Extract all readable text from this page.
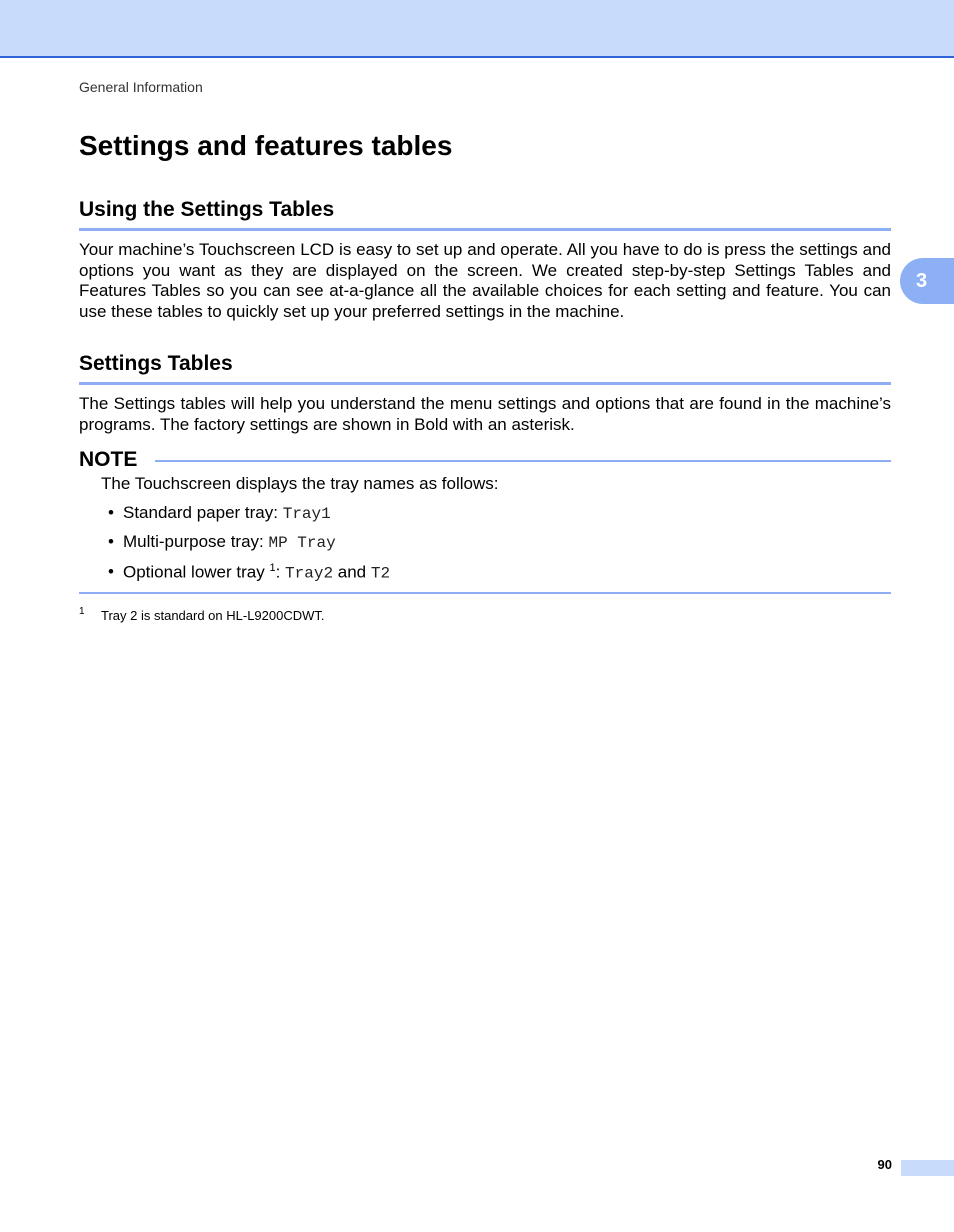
General Information
Settings and features tables
3
Using the Settings Tables

Your machine’s Touchscreen LCD is easy to set up and operate. All you have to do is press the settings and options you want as they are displayed on the screen. We created step-by-step Settings Tables and Features Tables so you can see at-a-glance all the available choices for each setting and feature. You can use these tables to quickly set up your preferred settings in the machine.

Settings Tables

The Settings tables will help you understand the menu settings and options that are found in the machine’s programs. The factory settings are shown in Bold with an asterisk.

NOTE
The Touchscreen displays the tray names as follows:
• Standard paper tray: Tray1
• Multi-purpose tray: MP Tray
• Optional lower tray $^1$: Tray2 and T2
1 Tray 2 is standard on HL-L9200CDWT.
90
